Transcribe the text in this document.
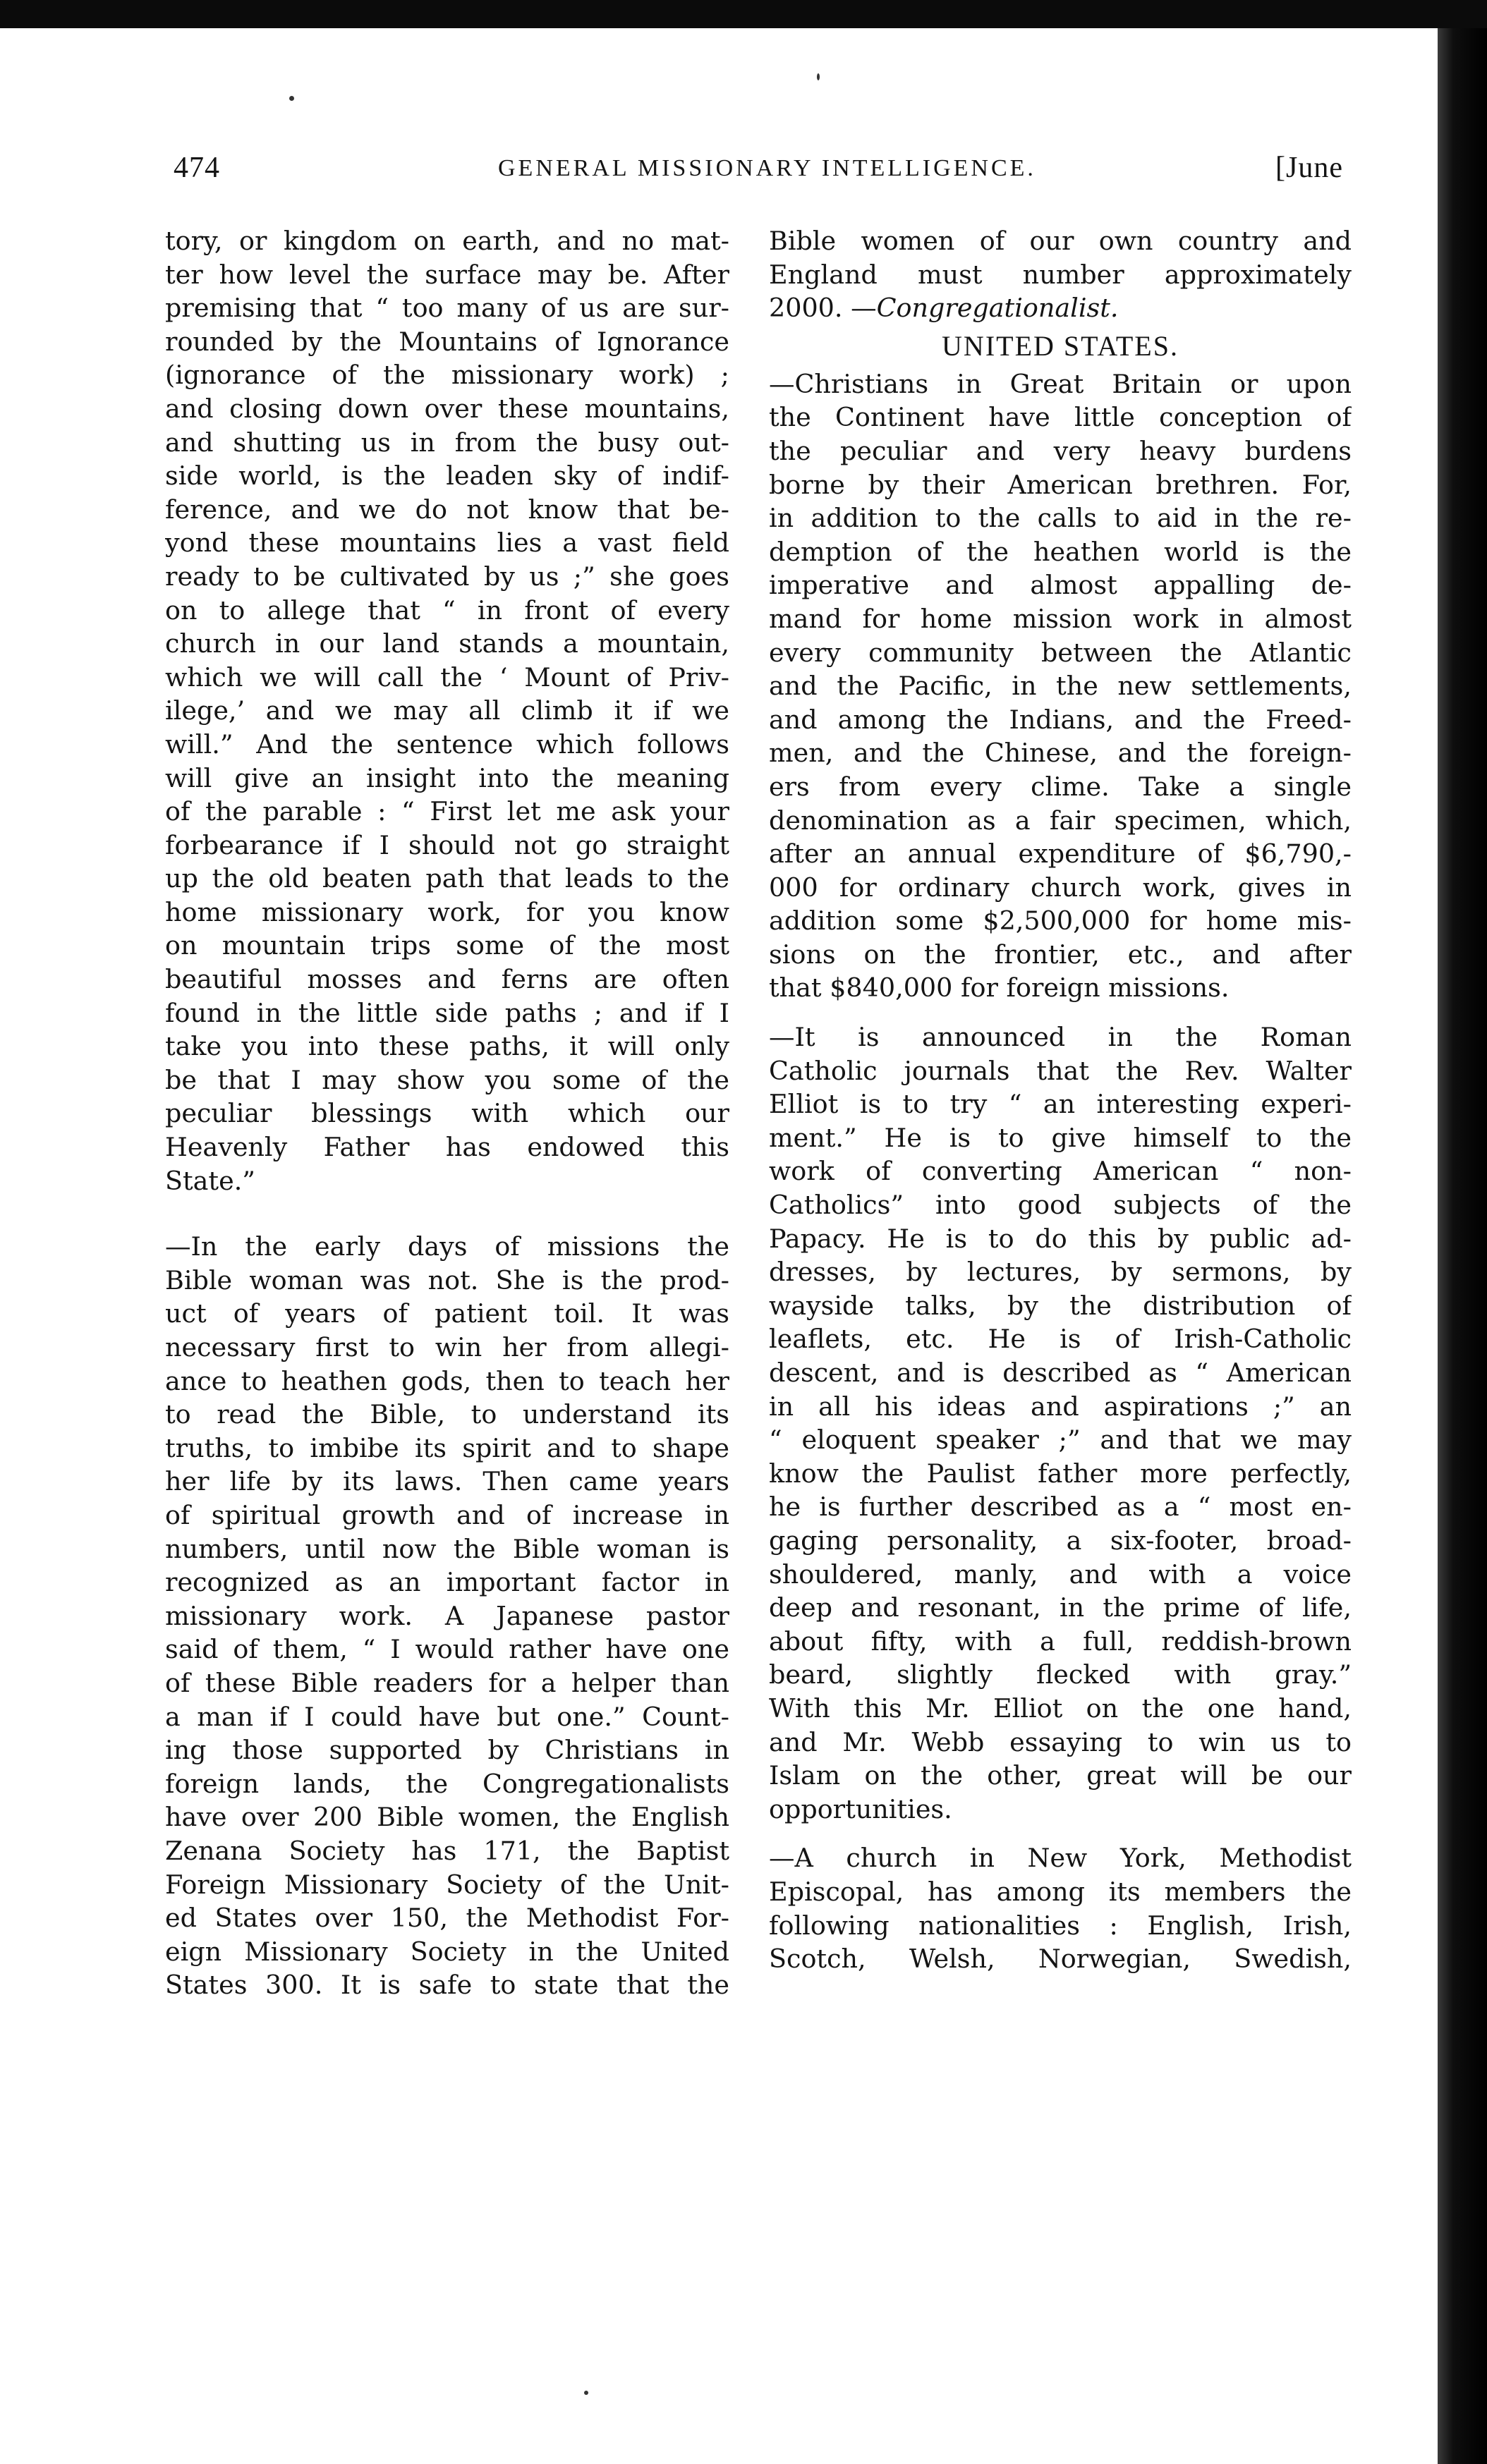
474	GENERAL MISSIONARY INTELLIGENCE.	[June
tory, or kingdom on earth, and no mat-
ter how level the surface may be. After
premising that “ too many of us are sur-
rounded by the Mountains of Ignorance
(ignorance of the missionary work) ;
and closing down over these mountains,
and shutting us in from the busy out-
side world, is the leaden sky of indif-
ference, and we do not know that be-
yond these mountains lies a vast field
ready to be cultivated by us ;” she goes
on to allege that “ in front of every
church in our land stands a mountain,
which we will call the ‘ Mount of Priv-
ilege,’ and we may all climb it if we
will.” And the sentence which follows
will give an insight into the meaning
of the parable : “ First let me ask your
forbearance if I should not go straight
up the old beaten path that leads to the
home missionary work, for you know
on mountain trips some of the most
beautiful mosses and ferns are often
found in the little side paths ; and if I
take you into these paths, it will only
be that I may show you some of the
peculiar blessings with which our
Heavenly Father has endowed this
State.”
—In the early days of missions the
Bible woman was not. She is the prod-
uct of years of patient toil. It was
necessary first to win her from allegi-
ance to heathen gods, then to teach her
to read the Bible, to understand its
truths, to imbibe its spirit and to shape
her life by its laws. Then came years
of spiritual growth and of increase in
numbers, until now the Bible woman is
recognized as an important factor in
missionary work. A Japanese pastor
said of them, “ I would rather have one
of these Bible readers for a helper than
a man if I could have but one.” Count-
ing those supported by Christians in
foreign lands, the Congregationalists
have over 200 Bible women, the English
Zenana Society has 171, the Baptist
Foreign Missionary Society of the Unit-
ed States over 150, the Methodist For-
eign Missionary Society in the United
States 300. It is safe to state that the
Bible women of our own country and
England must number approximately
2000. —Congregationalist.
UNITED STATES.
—Christians in Great Britain or upon
the Continent have little conception of
the peculiar and very heavy burdens
borne by their American brethren. For,
in addition to the calls to aid in the re-
demption of the heathen world is the
imperative and almost appalling de-
mand for home mission work in almost
every community between the Atlantic
and the Pacific, in the new settlements,
and among the Indians, and the Freed-
men, and the Chinese, and the foreign-
ers from every clime. Take a single
denomination as a fair specimen, which,
after an annual expenditure of $6,790,-
000 for ordinary church work, gives in
addition some $2,500,000 for home mis-
sions on the frontier, etc., and after
that $840,000 for foreign missions.
—It is announced in the Roman
Catholic journals that the Rev. Walter
Elliot is to try “ an interesting experi-
ment.” He is to give himself to the
work of converting American “ non-
Catholics” into good subjects of the
Papacy. He is to do this by public ad-
dresses, by lectures, by sermons, by
wayside talks, by the distribution of
leaflets, etc. He is of Irish-Catholic
descent, and is described as “ American
in all his ideas and aspirations ;” an
“ eloquent speaker ;” and that we may
know the Paulist father more perfectly,
he is further described as a “ most en-
gaging personality, a six-footer, broad-
shouldered, manly, and with a voice
deep and resonant, in the prime of life,
about fifty, with a full, reddish-brown
beard, slightly flecked with gray.”
With this Mr. Elliot on the one hand,
and Mr. Webb essaying to win us to
Islam on the other, great will be our
opportunities.
—A church in New York, Methodist
Episcopal, has among its members the
following nationalities : English, Irish,
Scotch, Welsh, Norwegian, Swedish,
